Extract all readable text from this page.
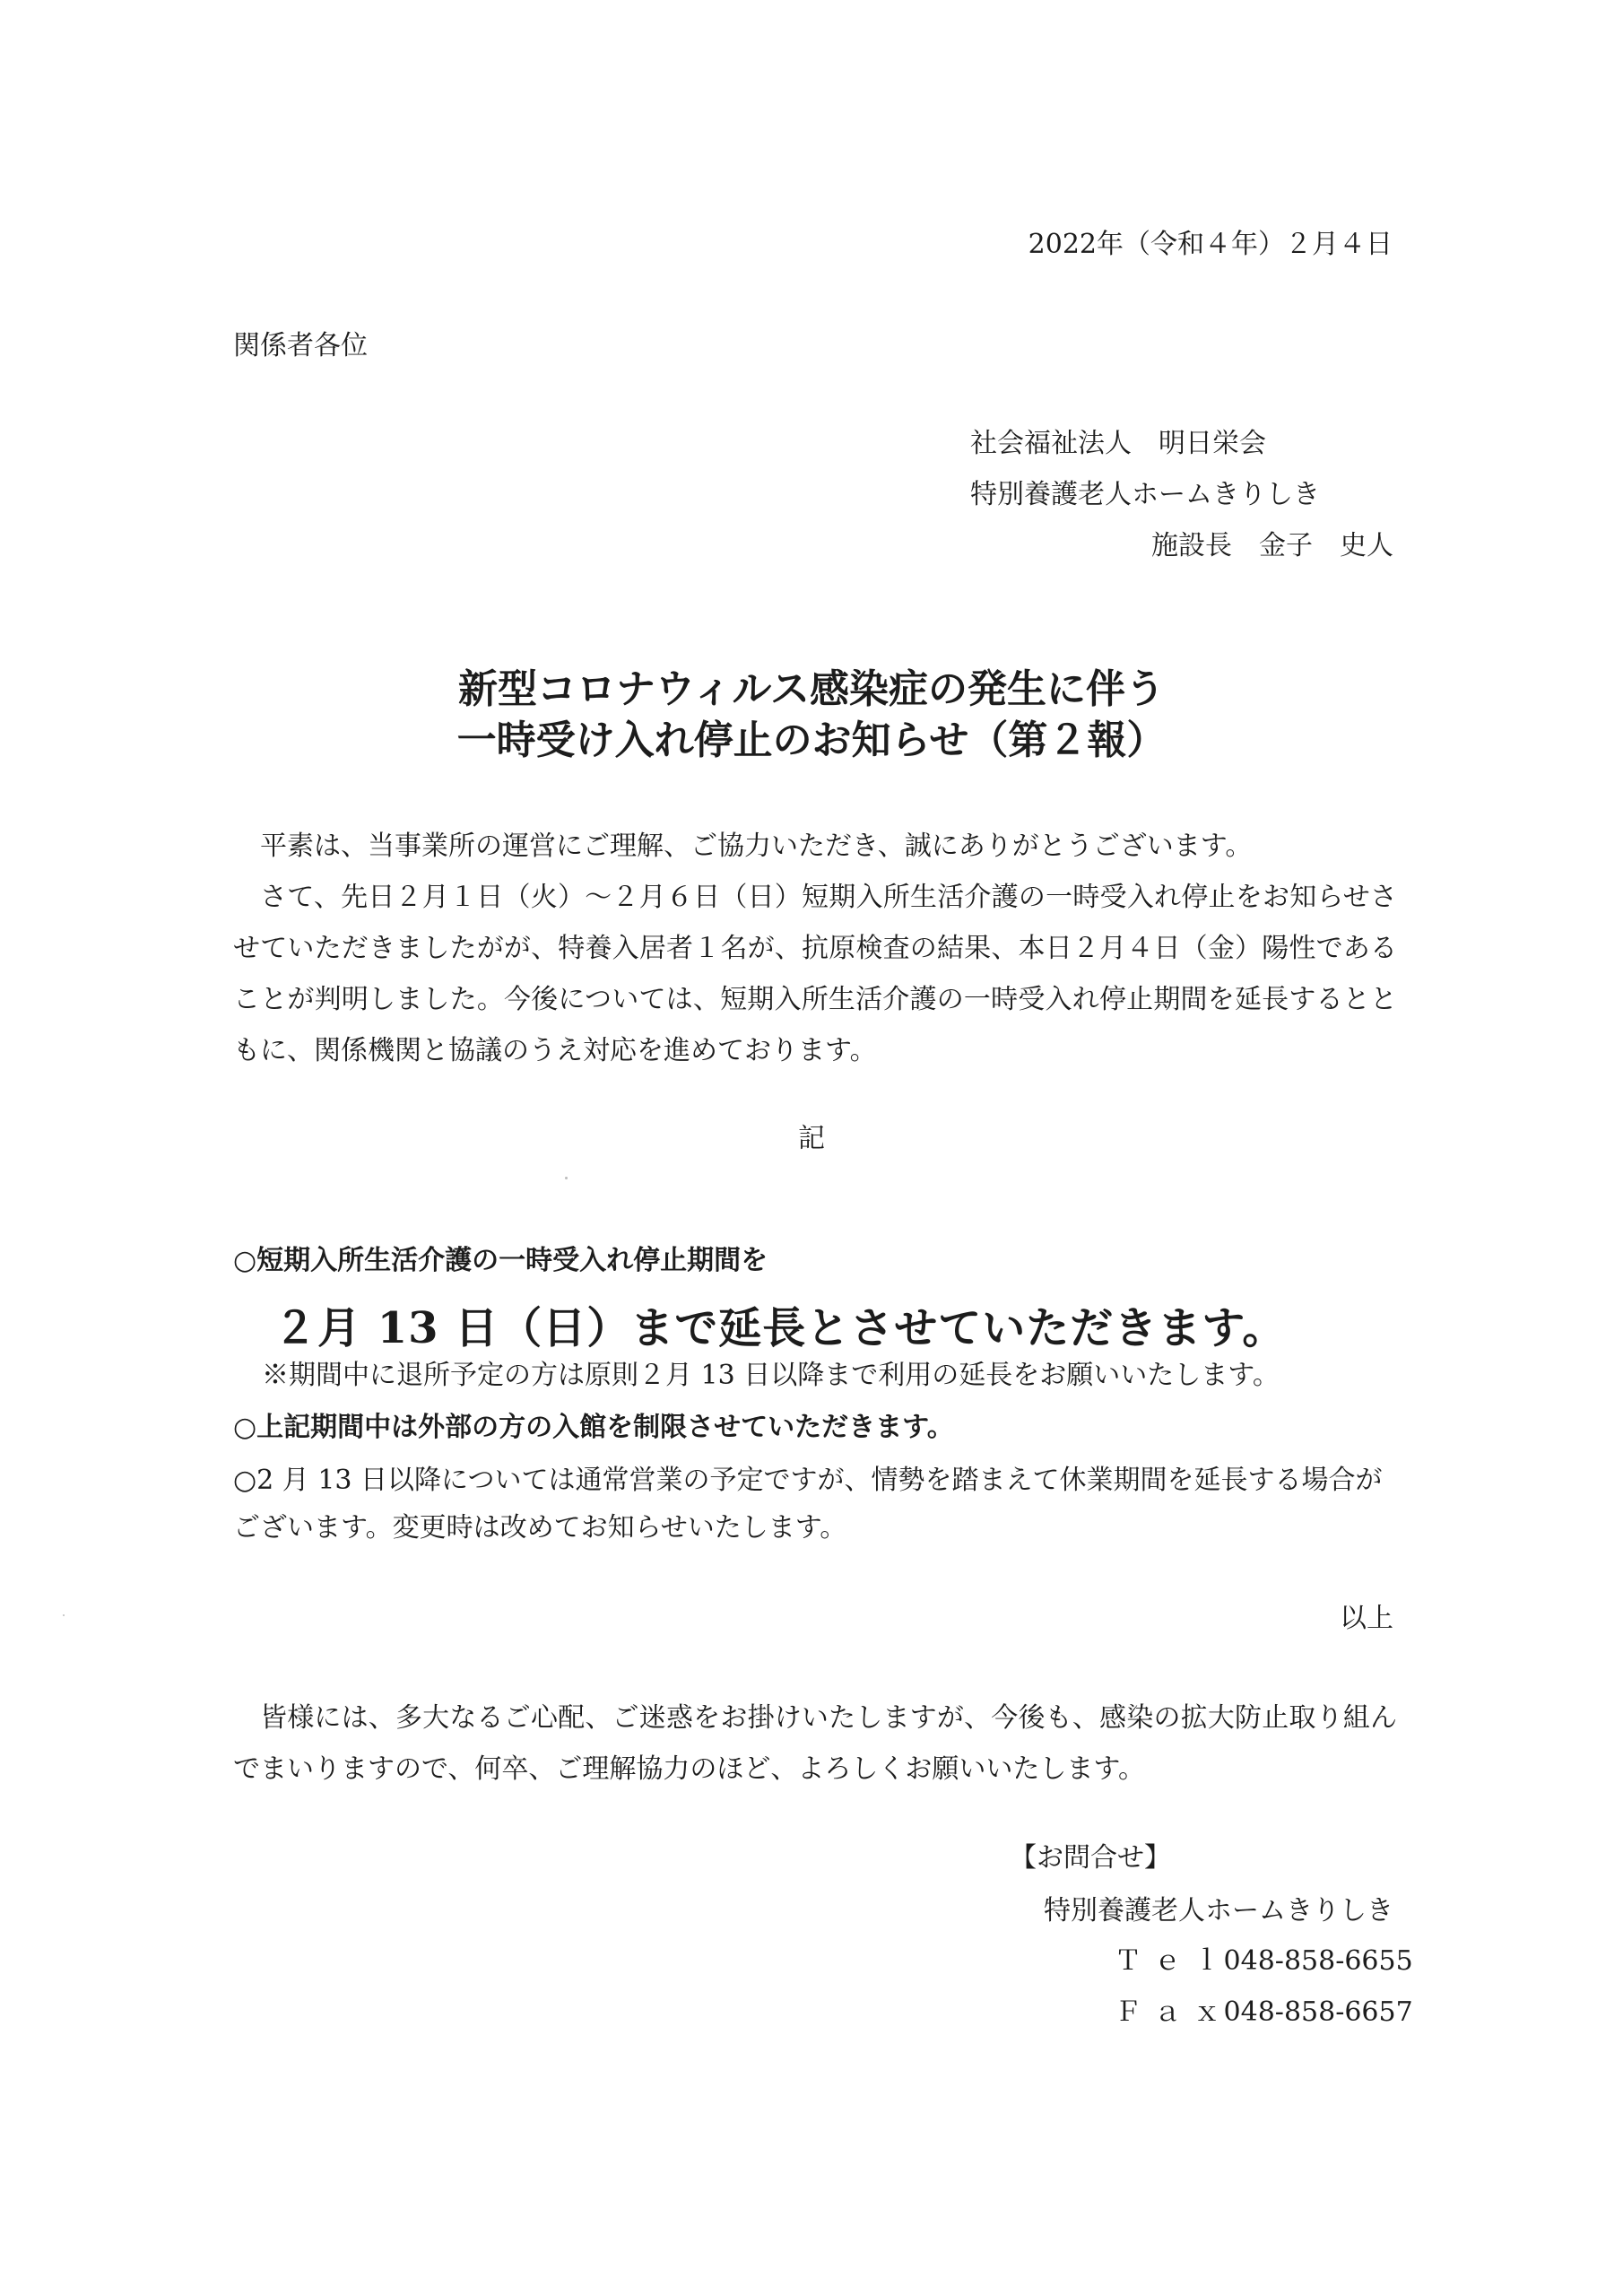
2022年（令和４年）２月４日
関係者各位
社会福祉法人　明日栄会
特別養護老人ホームきりしき
施設長　金子　史人
新型コロナウィルス感染症の発生に伴う
一時受け入れ停止のお知らせ（第２報）

平素は、当事業所の運営にご理解、ご協力いただき、誠にありがとうございます。

さて、先日２月１日（火）～２月６日（日）短期入所生活介護の一時受入れ停止をお知らせさせていただきましたがが、特養入居者１名が、抗原検査の結果、本日２月４日（金）陽性であることが判明しました。今後については、短期入所生活介護の一時受入れ停止期間を延長するとともに、関係機関と協議のうえ対応を進めております。

記
○短期入所生活介護の一時受入れ停止期間を
２月 13 日（日）まで延長とさせていただきます。
※期間中に退所予定の方は原則２月 13 日以降まで利用の延長をお願いいたします。
○上記期間中は外部の方の入館を制限させていただきます。
○2 月 13 日以降については通常営業の予定ですが、情勢を踏まえて休業期間を延長する場合がございます。変更時は改めてお知らせいたします。
以上

皆様には、多大なるご心配、ご迷惑をお掛けいたしますが、今後も、感染の拡大防止取り組んでまいりますので、何卒、ご理解協力のほど、よろしくお願いいたします。

【お問合せ】
特別養護老人ホームきりしき
Ｔｅｌ 048-858-6655
Ｆａｘ 048-858-6657
